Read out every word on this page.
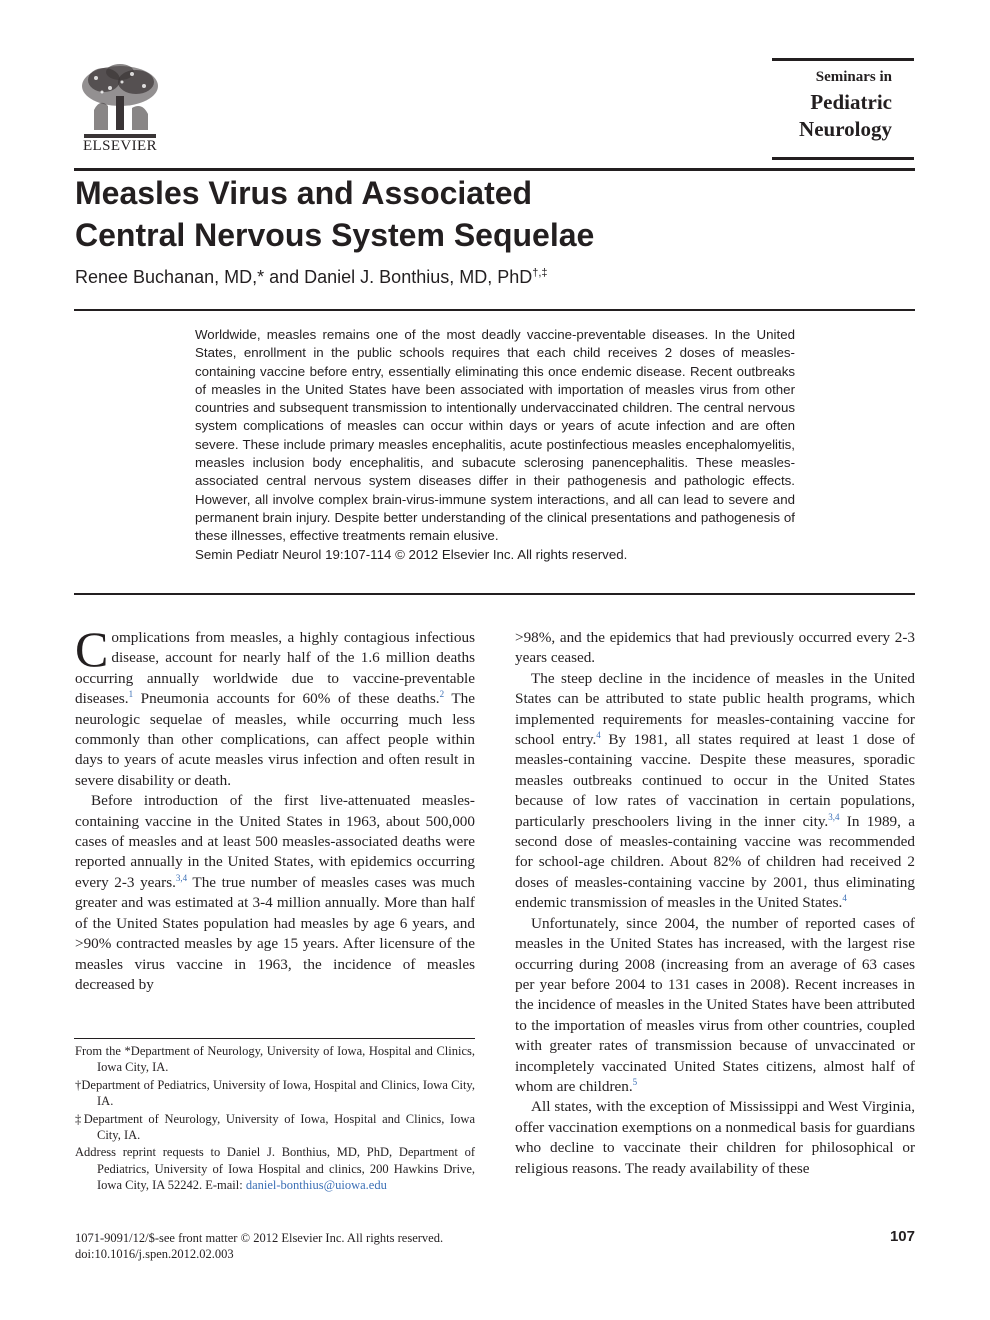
ELSEVIER
Seminars in
Pediatric
Neurology
Measles Virus and Associated
Central Nervous System Sequelae
Renee Buchanan, MD,* and Daniel J. Bonthius, MD, PhD†,‡
Worldwide, measles remains one of the most deadly vaccine-preventable diseases. In the United States, enrollment in the public schools requires that each child receives 2 doses of measles-containing vaccine before entry, essentially eliminating this once endemic disease. Recent outbreaks of measles in the United States have been associated with importation of measles virus from other countries and subsequent transmission to intentionally undervaccinated children. The central nervous system complications of measles can occur within days or years of acute infection and are often severe. These include primary measles encephalitis, acute postinfectious measles encephalomyelitis, measles inclusion body encephalitis, and subacute sclerosing panencephalitis. These measles-associated central nervous system diseases differ in their pathogenesis and pathologic effects. However, all involve complex brain-virus-immune system interactions, and all can lead to severe and permanent brain injury. Despite better understanding of the clinical presentations and pathogenesis of these illnesses, effective treatments remain elusive.
Semin Pediatr Neurol 19:107-114 © 2012 Elsevier Inc. All rights reserved.

Complications from measles, a highly contagious infectious disease, account for nearly half of the 1.6 million deaths occurring annually worldwide due to vaccine-preventable diseases.$^1$ Pneumonia accounts for 60% of these deaths.$^2$ The neurologic sequelae of measles, while occurring much less commonly than other complications, can affect people within days to years of acute measles virus infection and often result in severe disability or death.

Before introduction of the first live-attenuated measles-containing vaccine in the United States in 1963, about 500,000 cases of measles and at least 500 measles-associated deaths were reported annually in the United States, with epidemics occurring every 2-3 years.$^{3,4}$ The true number of measles cases was much greater and was estimated at 3-4 million annually. More than half of the United States population had measles by age 6 years, and >90% contracted measles by age 15 years. After licensure of the measles virus vaccine in 1963, the incidence of measles decreased by

From the *Department of Neurology, University of Iowa, Hospital and Clinics, Iowa City, IA.

†Department of Pediatrics, University of Iowa, Hospital and Clinics, Iowa City, IA.

‡Department of Neurology, University of Iowa, Hospital and Clinics, Iowa City, IA.

Address reprint requests to Daniel J. Bonthius, MD, PhD, Department of Pediatrics, University of Iowa Hospital and clinics, 200 Hawkins Drive, Iowa City, IA 52242. E-mail: daniel-bonthius@uiowa.edu

>98%, and the epidemics that had previously occurred every 2-3 years ceased.

The steep decline in the incidence of measles in the United States can be attributed to state public health programs, which implemented requirements for measles-containing vaccine for school entry.$^4$ By 1981, all states required at least 1 dose of measles-containing vaccine. Despite these measures, sporadic measles outbreaks continued to occur in the United States because of low rates of vaccination in certain populations, particularly preschoolers living in the inner city.$^{3,4}$ In 1989, a second dose of measles-containing vaccine was recommended for school-age children. About 82% of children had received 2 doses of measles-containing vaccine by 2001, thus eliminating endemic transmission of measles in the United States.$^4$

Unfortunately, since 2004, the number of reported cases of measles in the United States has increased, with the largest rise occurring during 2008 (increasing from an average of 63 cases per year before 2004 to 131 cases in 2008). Recent increases in the incidence of measles in the United States have been attributed to the importation of measles virus from other countries, coupled with greater rates of transmission because of unvaccinated or incompletely vaccinated United States citizens, almost half of whom are children.$^5$

All states, with the exception of Mississippi and West Virginia, offer vaccination exemptions on a nonmedical basis for guardians who decline to vaccinate their children for philosophical or religious reasons. The ready availability of these

1071-9091/12/$-see front matter © 2012 Elsevier Inc. All rights reserved.
doi:10.1016/j.spen.2012.02.003
107
